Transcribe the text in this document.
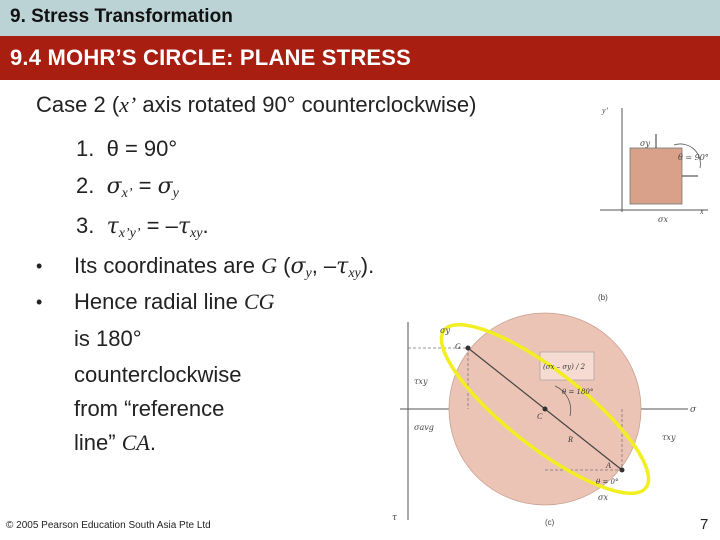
9. Stress Transformation
9.4 MOHR’S CIRCLE: PLANE STRESS
Case 2 (x’ axis rotated 90° counterclockwise)
1. θ = 90°
2. $\sigma_{x’} = \sigma_y$
3. $\tau_{x’y’} = -\tau_{xy}$.
• Its coordinates are G ($\sigma_y$, $-\tau_{xy}$).
• Hence radial line CG
is 180°
counterclockwise
from “reference
line” CA.
y’
x
σy
σx
θ = 90°
(b)
σy
τxy
σavg
τxy
σx
σ
τ
G
C
A
R
(σx – σy) / 2
θ = 180°
θ = 0°
(c)
© 2005 Pearson Education South Asia Pte Ltd	7
